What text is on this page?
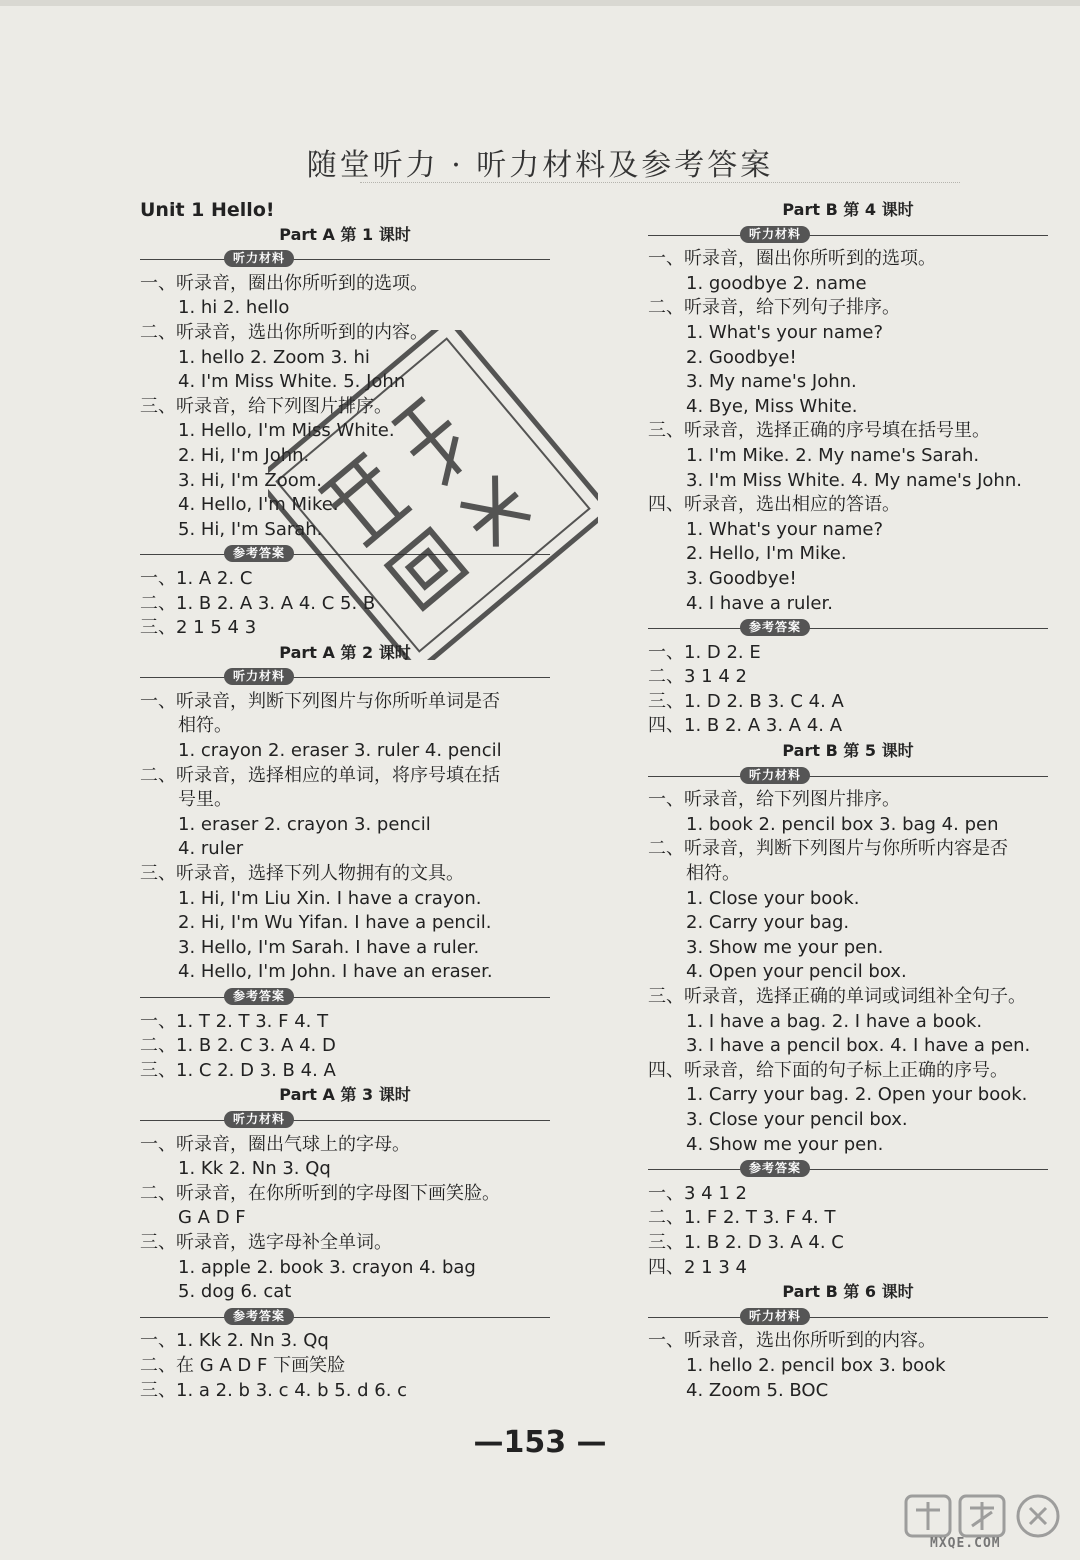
随堂听力 · 听力材料及参考答案
Unit 1 Hello!
Part A 第 1 课时
听力材料
一、听录音，圈出你所听到的选项。
1. hi 2. hello
二、听录音，选出你所听到的内容。
1. hello 2. Zoom 3. hi
4. I'm Miss White. 5. John
三、听录音，给下列图片排序。
1. Hello, I'm Miss White.
2. Hi, I'm John.
3. Hi, I'm Zoom.
4. Hello, I'm Mike.
5. Hi, I'm Sarah.
参考答案
一、1. A 2. C
二、1. B 2. A 3. A 4. C 5. B
三、2 1 5 4 3
Part A 第 2 课时
听力材料
一、听录音，判断下列图片与你所听单词是否
相符。
1. crayon 2. eraser 3. ruler 4. pencil
二、听录音，选择相应的单词，将序号填在括
号里。
1. eraser 2. crayon 3. pencil
4. ruler
三、听录音，选择下列人物拥有的文具。
1. Hi, I'm Liu Xin. I have a crayon.
2. Hi, I'm Wu Yifan. I have a pencil.
3. Hello, I'm Sarah. I have a ruler.
4. Hello, I'm John. I have an eraser.
参考答案
一、1. T 2. T 3. F 4. T
二、1. B 2. C 3. A 4. D
三、1. C 2. D 3. B 4. A
Part A 第 3 课时
听力材料
一、听录音，圈出气球上的字母。
1. Kk 2. Nn 3. Qq
二、听录音，在你所听到的字母图下画笑脸。
G A D F
三、听录音，选字母补全单词。
1. apple 2. book 3. crayon 4. bag
5. dog 6. cat
参考答案
一、1. Kk 2. Nn 3. Qq
二、在 G A D F 下画笑脸
三、1. a 2. b 3. c 4. b 5. d 6. c
Part B 第 4 课时
听力材料
一、听录音，圈出你所听到的选项。
1. goodbye 2. name
二、听录音，给下列句子排序。
1. What's your name?
2. Goodbye!
3. My name's John.
4. Bye, Miss White.
三、听录音，选择正确的序号填在括号里。
1. I'm Mike. 2. My name's Sarah.
3. I'm Miss White. 4. My name's John.
四、听录音，选出相应的答语。
1. What's your name?
2. Hello, I'm Mike.
3. Goodbye!
4. I have a ruler.
参考答案
一、1. D 2. E
二、3 1 4 2
三、1. D 2. B 3. C 4. A
四、1. B 2. A 3. A 4. A
Part B 第 5 课时
听力材料
一、听录音，给下列图片排序。
1. book 2. pencil box 3. bag 4. pen
二、听录音，判断下列图片与你所听内容是否
相符。
1. Close your book.
2. Carry your bag.
3. Show me your pen.
4. Open your pencil box.
三、听录音，选择正确的单词或词组补全句子。
1. I have a bag. 2. I have a book.
3. I have a pencil box. 4. I have a pen.
四、听录音，给下面的句子标上正确的序号。
1. Carry your bag. 2. Open your book.
3. Close your pencil box.
4. Show me your pen.
参考答案
一、3 4 1 2
二、1. F 2. T 3. F 4. T
三、1. B 2. D 3. A 4. C
四、2 1 3 4
Part B 第 6 课时
听力材料
一、听录音，选出你所听到的内容。
1. hello 2. pencil box 3. book
4. Zoom 5. BOC
—153 —
MXQE.COM
